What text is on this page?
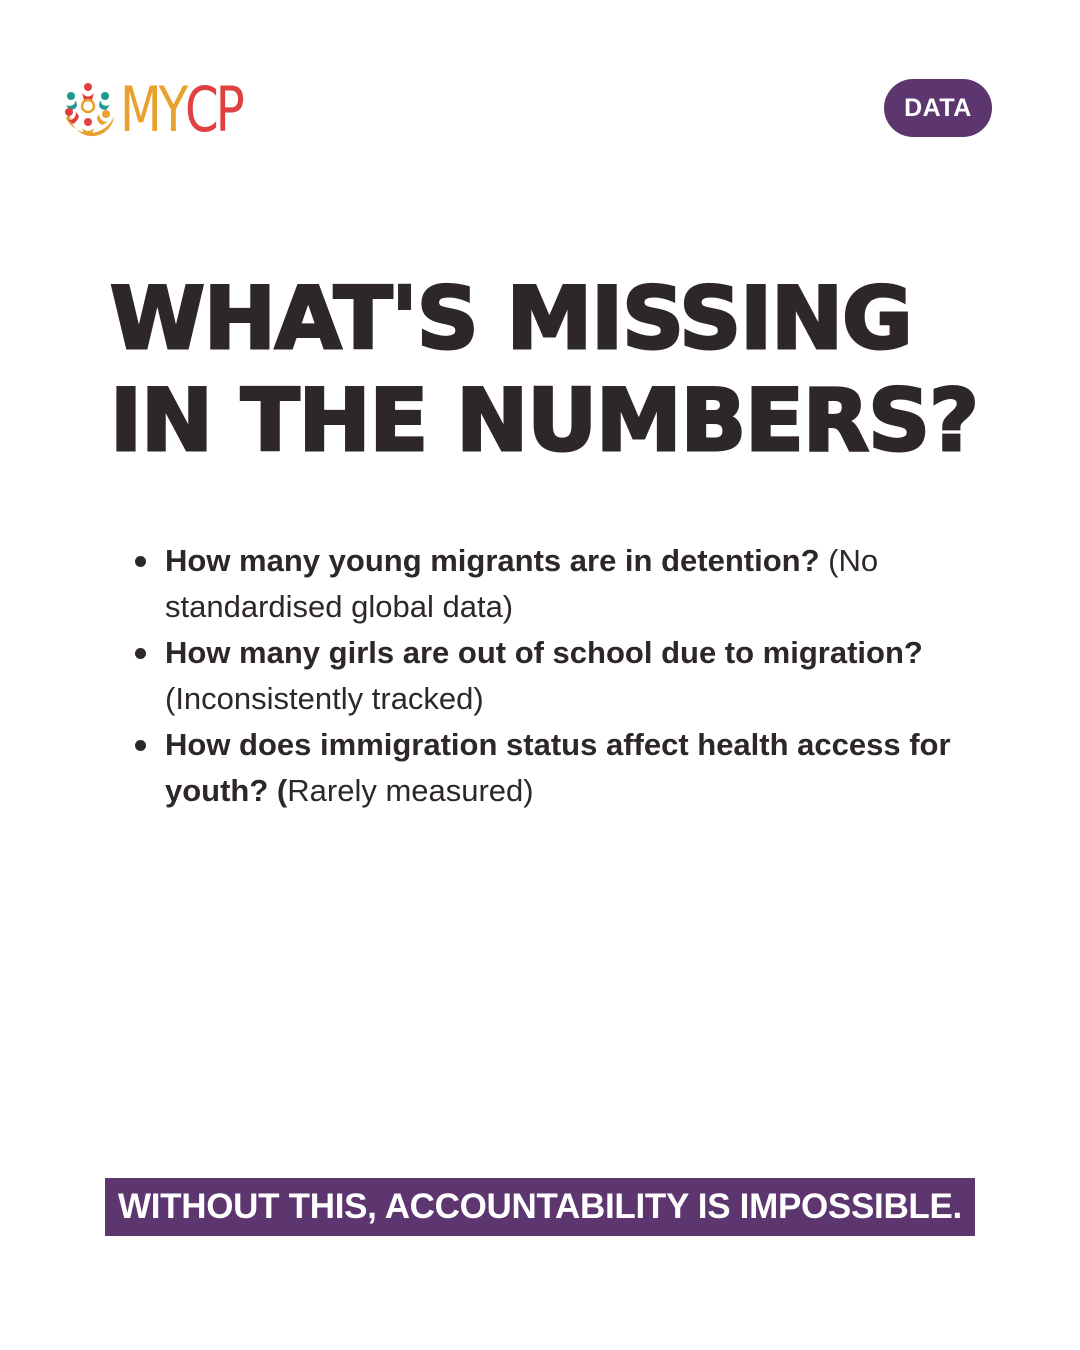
M Y C P	DATA
WHAT'S MISSING
IN THE NUMBERS?
How many young migrants are in detention? (No standardised global data)
How many girls are out of school due to migration? (Inconsistently tracked)
How does immigration status affect health access for youth? (Rarely measured)
WITHOUT THIS, ACCOUNTABILITY IS IMPOSSIBLE.
